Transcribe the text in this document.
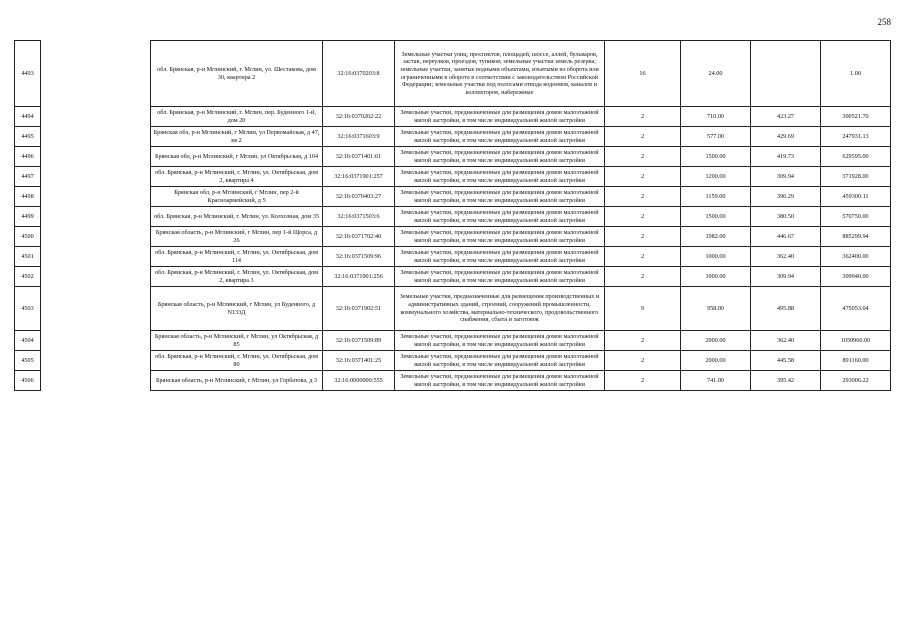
258
4493		обл. Брянская, р-н Мглинский, г. Мглин, ул. Шестакова, дом 30, квартира 2	32:16:0370203:8	Земельные участки улиц, проспектов, площадей, шоссе, аллей, бульваров, застав, переулков, проездов, тупиков; земельные участки земель резерва; земельные участки, занятые водными объектами, изъятыми из оборота или ограниченными в обороте в соответствии с законодательством Российской Федерации; земельные участки под полосами отвода водоемов, каналов и коллекторов, набережные	16	24.00		1.00
4494		обл. Брянская, р-н Мглинский, г. Мглин, пер. Буденного 1-й, дом 20	32:16:0370202:22	Земельные участки, предназначенные для размещения домов малоэтажной жилой застройки, в том числе индивидуальной жилой застройки	2	710.00	423.27	300521.70
4495		Брянская обл, р-н Мглинский, г Мглин, ул Первомайская, д 47, кв 2	32:16:0371603:9	Земельные участки, предназначенные для размещения домов малоэтажной жилой застройки, в том числе индивидуальной жилой застройки	2	577.00	429.69	247931.13
4496		Брянская обл, р-н Мглинский, г Мглин, ул Октябрьская, д 104	32:16:0371401:61	Земельные участки, предназначенные для размещения домов малоэтажной жилой застройки, в том числе индивидуальной жилой застройки	2	1500.00	419.73	629595.00
4497		обл. Брянская, р-н Мглинский, г. Мглин, ул. Октябрьская, дом 2, квартира 4	32:16:0371901:257	Земельные участки, предназначенные для размещения домов малоэтажной жилой застройки, в том числе индивидуальной жилой застройки	2	1200.00	309.94	371928.00
4498		Брянская обл, р-н Мглинский, г Мглин, пер 2-й Красноармейский, д 5	32:16:0370403:27	Земельные участки, предназначенные для размещения домов малоэтажной жилой застройки, в том числе индивидуальной жилой застройки	2	1159.00	396.29	459300.11
4499		обл. Брянская, р-н Мглинский, г. Мглин, ул. Колхозная, дом 35	32:16:0371503:6	Земельные участки, предназначенные для размещения домов малоэтажной жилой застройки, в том числе индивидуальной жилой застройки	2	1500.00	380.50	570750.00
4500		Брянская область, р-н Мглинский, г Мглин, пер 1-й Щорса, д 26	32:16:0371702:40	Земельные участки, предназначенные для размещения домов малоэтажной жилой застройки, в том числе индивидуальной жилой застройки	2	1982.00	446.67	885299.94
4501		обл. Брянская, р-н Мглинский, г. Мглин, ул. Октябрьская, дом 114	32:16:0371509:96	Земельные участки, предназначенные для размещения домов малоэтажной жилой застройки, в том числе индивидуальной жилой застройки	2	1000.00	362.40	362400.00
4502		обл. Брянская, р-н Мглинский, г. Мглин, ул. Октябрьская, дом 2, квартира 3	32:16:0371901:256	Земельные участки, предназначенные для размещения домов малоэтажной жилой застройки, в том числе индивидуальной жилой застройки	2	1000.00	309.94	309940.00
4503		Брянская область, р-н Мглинский, г Мглин, ул Буденного, д N133Д	32:16:0371902:51	Земельные участки, предназначенные для размещения производственных и административных зданий, строений, сооружений промышленности, коммунального хозяйства, материально-технического, продовольственного снабжения, сбыта и заготовок	9	958.00	495.88	475053.04
4504		Брянская область, р-н Мглинский, г Мглин, ул Октябрьская, д 85	32:16:0371509:89	Земельные участки, предназначенные для размещения домов малоэтажной жилой застройки, в том числе индивидуальной жилой застройки	2	2900.00	362.40	1050960.00
4505		обл. Брянская, р-н Мглинский, г. Мглин, ул. Октябрьская, дом 80	32:16:0371401:25	Земельные участки, предназначенные для размещения домов малоэтажной жилой застройки, в том числе индивидуальной жилой застройки	2	2000.00	445.58	891160.00
4506		Брянская область, р-н Мглинский, г Мглин, ул Горбатова, д 3	32:16:0000000:555	Земельные участки, предназначенные для размещения домов малоэтажной жилой застройки, в том числе индивидуальной жилой застройки	2	741.00	395.42	293006.22
